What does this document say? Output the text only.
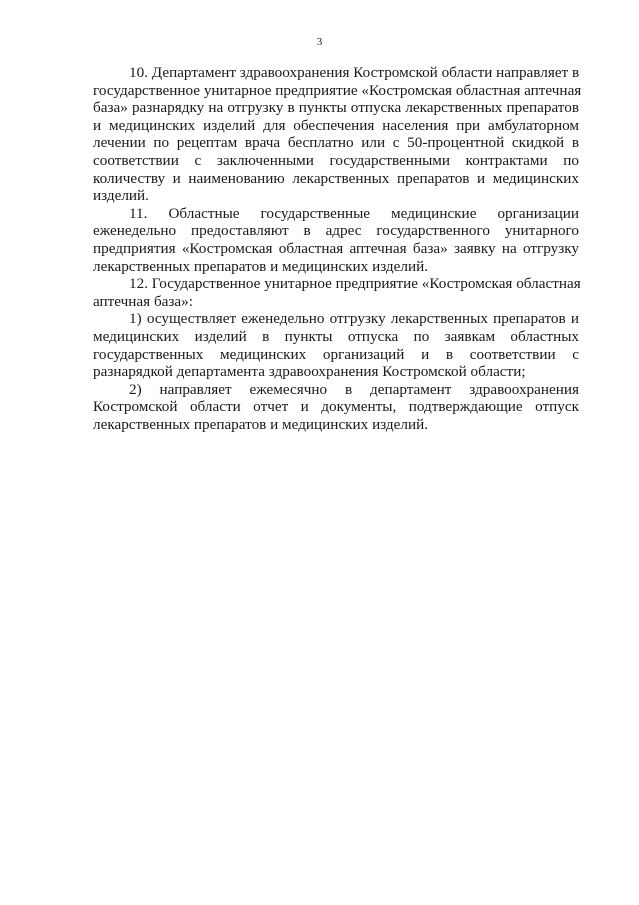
3
10. Департамент здравоохранения Костромской области направляет в
государственное унитарное предприятие «Костромская областная аптечная
база» разнарядку на отгрузку в пункты отпуска лекарственных препаратов
и медицинских изделий для обеспечения населения при амбулаторном
лечении по рецептам врача бесплатно или с 50-процентной скидкой в
соответствии с заключенными государственными контрактами по
количеству и наименованию лекарственных препаратов и медицинских
изделий.
11. Областные государственные медицинские организации
еженедельно предоставляют в адрес государственного унитарного
предприятия «Костромская областная аптечная база» заявку на отгрузку
лекарственных препаратов и медицинских изделий.
12. Государственное унитарное предприятие «Костромская областная
аптечная база»:
1) осуществляет еженедельно отгрузку лекарственных препаратов и
медицинских изделий в пункты отпуска по заявкам областных
государственных медицинских организаций и в соответствии с
разнарядкой департамента здравоохранения Костромской области;
2) направляет ежемесячно в департамент здравоохранения
Костромской области отчет и документы, подтверждающие отпуск
лекарственных препаратов и медицинских изделий.
